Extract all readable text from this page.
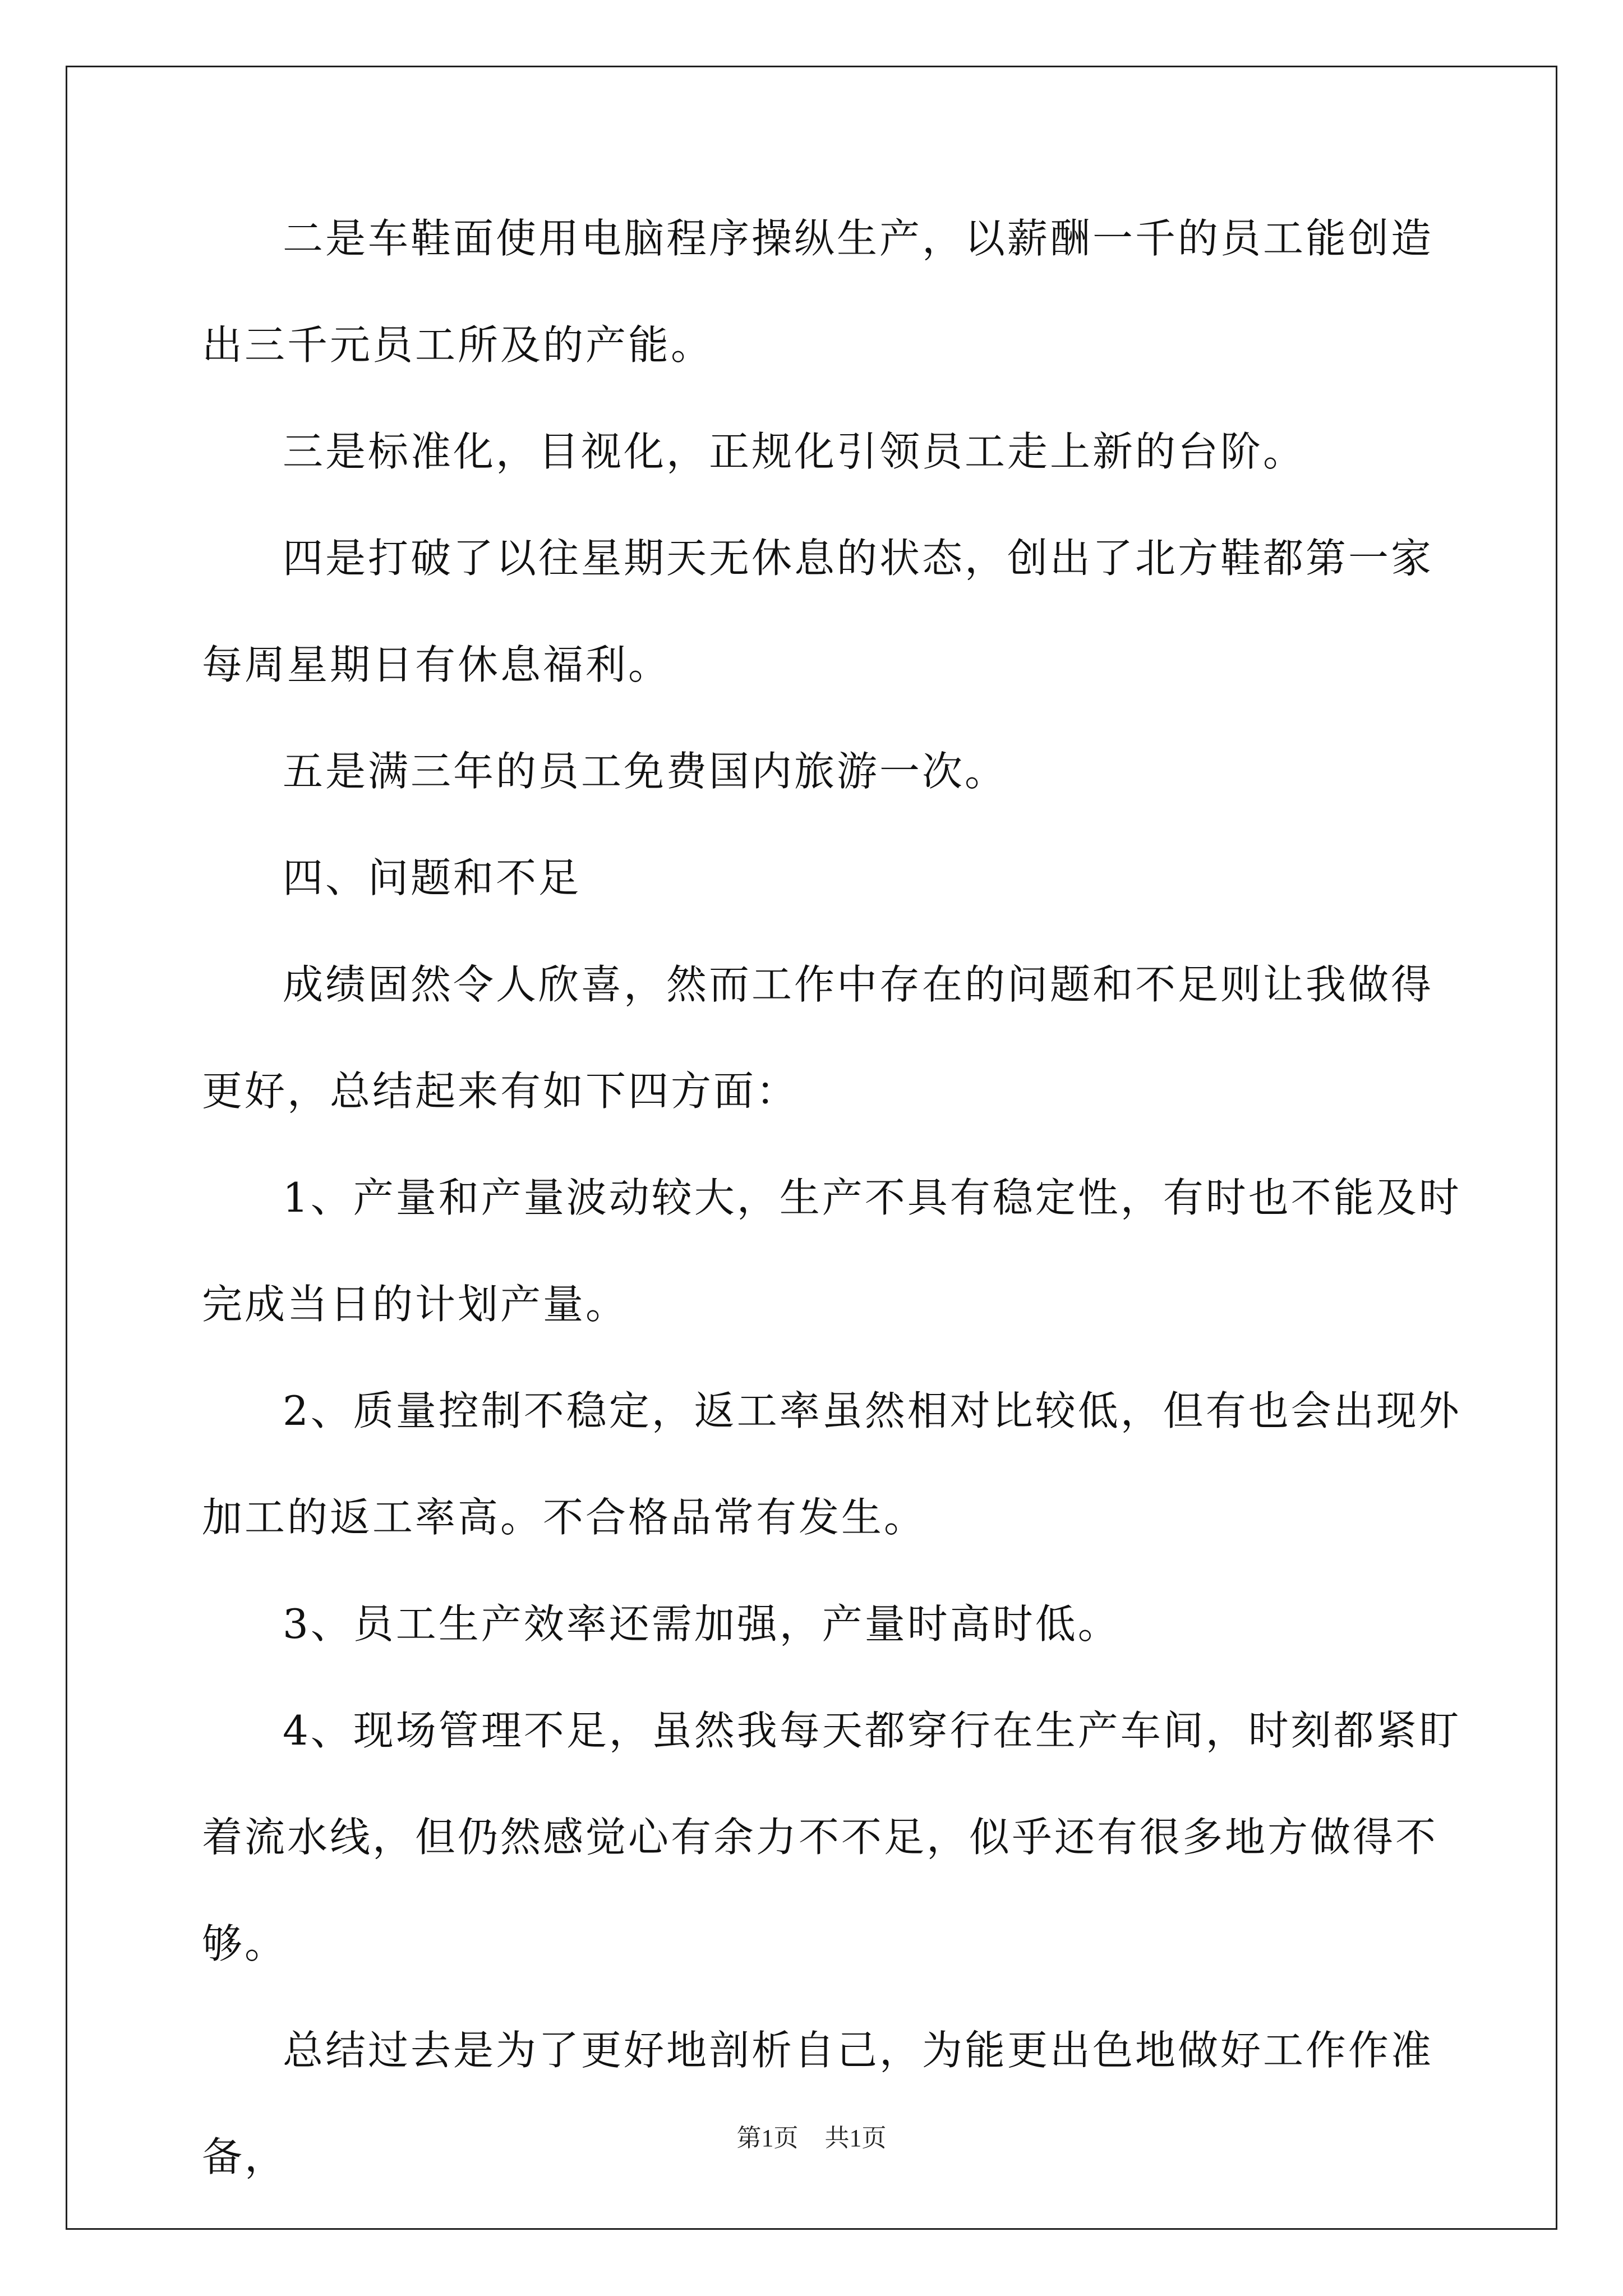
二是车鞋面使用电脑程序操纵生产，以薪酬一千的员工能创造出三千元员工所及的产能。

三是标准化，目视化，正规化引领员工走上新的台阶。

四是打破了以往星期天无休息的状态，创出了北方鞋都第一家每周星期日有休息福利。

五是满三年的员工免费国内旅游一次。

四、问题和不足

成绩固然令人欣喜，然而工作中存在的问题和不足则让我做得更好，总结起来有如下四方面：

1、产量和产量波动较大，生产不具有稳定性，有时也不能及时完成当日的计划产量。

2、质量控制不稳定，返工率虽然相对比较低，但有也会出现外加工的返工率高。不合格品常有发生。

3、员工生产效率还需加强，产量时高时低。

4、现场管理不足，虽然我每天都穿行在生产车间，时刻都紧盯着流水线，但仍然感觉心有余力不不足，似乎还有很多地方做得不够。

总结过去是为了更好地剖析自己，为能更出色地做好工作作准备，	第1页 共1页
